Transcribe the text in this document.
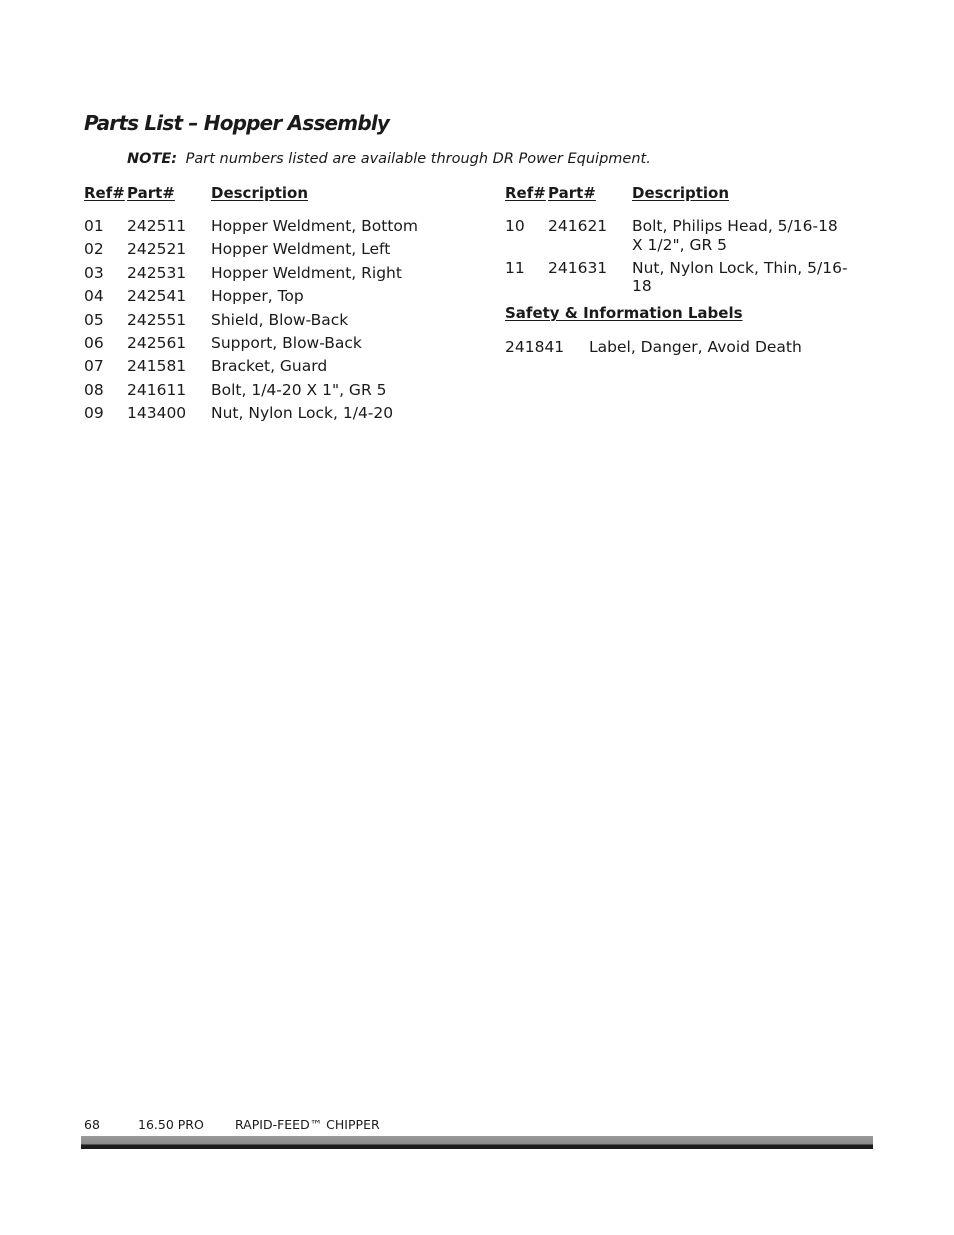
Parts List – Hopper Assembly
NOTE: Part numbers listed are available through DR Power Equipment.
Ref# Part# Description
01 242511 Hopper Weldment, Bottom
02 242521 Hopper Weldment, Left
03 242531 Hopper Weldment, Right
04 242541 Hopper, Top
05 242551 Shield, Blow-Back
06 242561 Support, Blow-Back
07 241581 Bracket, Guard
08 241611 Bolt, 1/4-20 X 1", GR 5
09 143400 Nut, Nylon Lock, 1/4-20
Ref# Part# Description
10 241621 Bolt, Philips Head, 5/16-18 X 1/2", GR 5
11 241631 Nut, Nylon Lock, Thin, 5/16-18
Safety & Information Labels
241841 Label, Danger, Avoid Death
68	16.50 PRO RAPID-FEED™ CHIPPER
